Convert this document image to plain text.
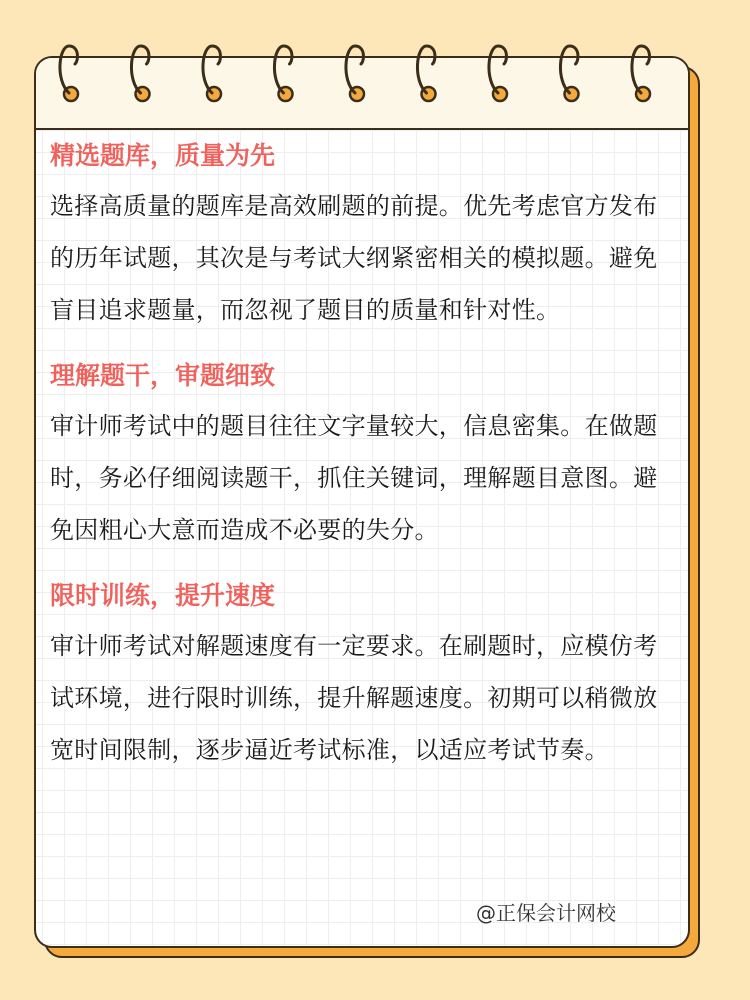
精选题库，质量为先

选择高质量的题库是高效刷题的前提。优先考虑官方发布的历年试题，其次是与考试大纲紧密相关的模拟题。避免盲目追求题量，而忽视了题目的质量和针对性。

理解题干，审题细致

审计师考试中的题目往往文字量较大，信息密集。在做题时，务必仔细阅读题干，抓住关键词，理解题目意图。避免因粗心大意而造成不必要的失分。

限时训练，提升速度

审计师考试对解题速度有一定要求。在刷题时，应模仿考试环境，进行限时训练，提升解题速度。初期可以稍微放宽时间限制，逐步逼近考试标准，以适应考试节奏。

@正保会计网校
